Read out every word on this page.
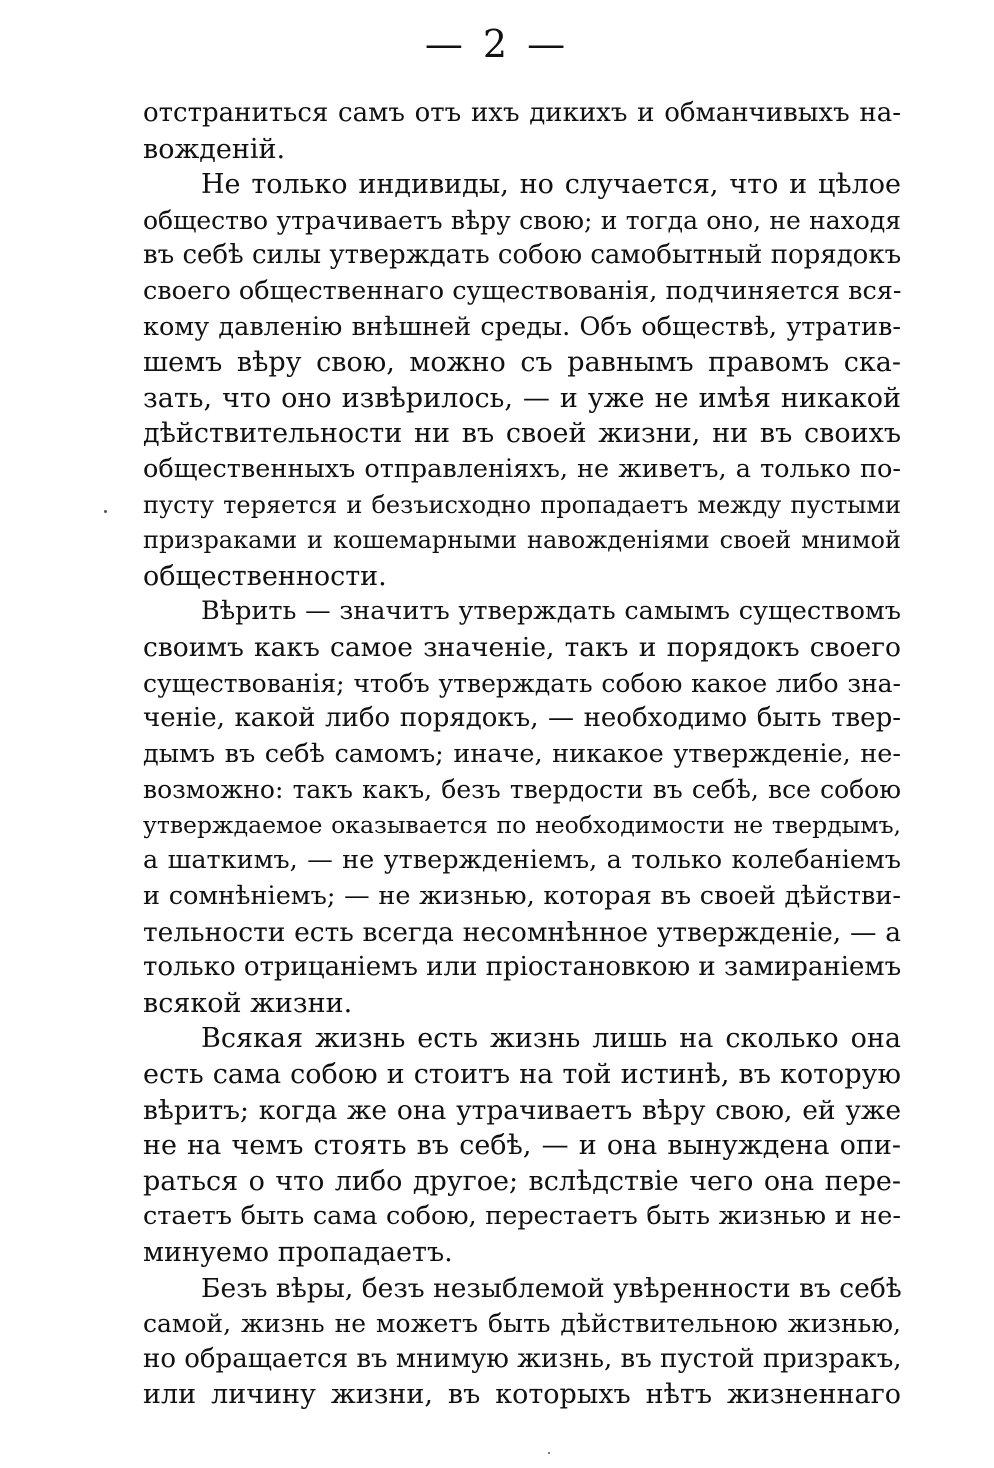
— 2 —
отстраниться самъ отъ ихъ дикихъ и обманчивыхъ на-
вожденій.
Не только индивиды, но случается, что и цѣлое
общество утрачиваетъ вѣру свою; и тогда оно, не находя
въ себѣ силы утверждать собою самобытный порядокъ
своего общественнаго существованія, подчиняется вся-
кому давленію внѣшней среды. Объ обществѣ, утратив-
шемъ вѣру свою, можно съ равнымъ правомъ ска-
зать, что оно извѣрилось, — и уже не имѣя никакой
дѣйствительности ни въ своей жизни, ни въ своихъ
общественныхъ отправленіяхъ, не живетъ, а только по-
пусту теряется и безъисходно пропадаетъ между пустыми
призраками и кошемарными навожденіями своей мнимой
общественности.
Вѣрить — значитъ утверждать самымъ существомъ
своимъ какъ самое значеніе, такъ и порядокъ своего
существованія; чтобъ утверждать собою какое либо зна-
ченіе, какой либо порядокъ, — необходимо быть твер-
дымъ въ себѣ самомъ; иначе, никакое утвержденіе, не-
возможно: такъ какъ, безъ твердости въ себѣ, все собою
утверждаемое оказывается по необходимости не твердымъ,
а шаткимъ, — не утвержденіемъ, а только колебаніемъ
и сомнѣніемъ; — не жизнью, которая въ своей дѣйстви-
тельности есть всегда несомнѣнное утвержденіе, — а
только отрицаніемъ или пріостановкою и замираніемъ
всякой жизни.
Всякая жизнь есть жизнь лишь на сколько она
есть сама собою и стоитъ на той истинѣ, въ которую
вѣритъ; когда же она утрачиваетъ вѣру свою, ей уже
не на чемъ стоять въ себѣ, — и она вынуждена опи-
раться о что либо другое; вслѣдствіе чего она пере-
стаетъ быть сама собою, перестаетъ быть жизнью и не-
минуемо пропадаетъ.
Безъ вѣры, безъ незыблемой увѣренности въ себѣ
самой, жизнь не можетъ быть дѣйствительною жизнью,
но обращается въ мнимую жизнь, въ пустой призракъ,
или личину жизни, въ которыхъ нѣтъ жизненнаго
